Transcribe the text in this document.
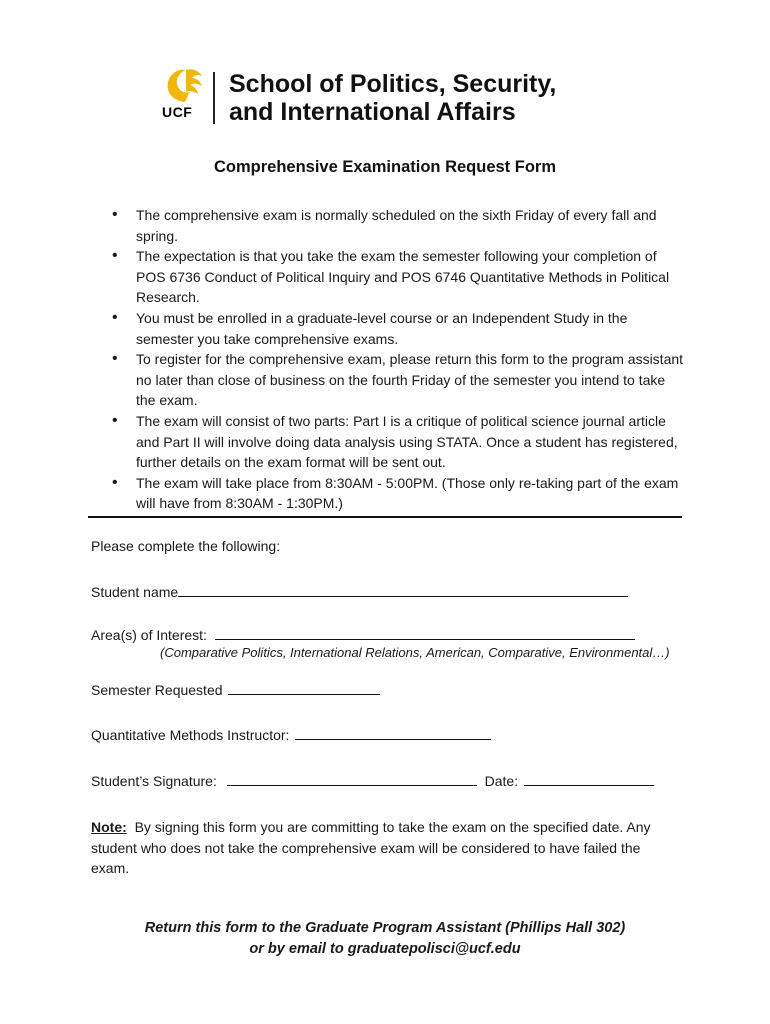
UCF
School of Politics, Security,
and International Affairs
Comprehensive Examination Request Form
• The comprehensive exam is normally scheduled on the sixth Friday of every fall and spring.
• The expectation is that you take the exam the semester following your completion of POS 6736 Conduct of Political Inquiry and POS 6746 Quantitative Methods in Political Research.
• You must be enrolled in a graduate-level course or an Independent Study in the semester you take comprehensive exams.
• To register for the comprehensive exam, please return this form to the program assistant no later than close of business on the fourth Friday of the semester you intend to take the exam.
• The exam will consist of two parts: Part I is a critique of political science journal article and Part II will involve doing data analysis using STATA. Once a student has registered, further details on the exam format will be sent out.
• The exam will take place from 8:30AM - 5:00PM. (Those only re-taking part of the exam will have from 8:30AM - 1:30PM.)
Please complete the following:
Student name
Area(s) of Interest:
(Comparative Politics, International Relations, American, Comparative, Environmental…)
Semester Requested
Quantitative Methods Instructor:
Student’s Signature:	Date:
Note: By signing this form you are committing to take the exam on the specified date. Any student who does not take the comprehensive exam will be considered to have failed the exam.
Return this form to the Graduate Program Assistant (Phillips Hall 302)
or by email to graduatepolisci@ucf.edu
